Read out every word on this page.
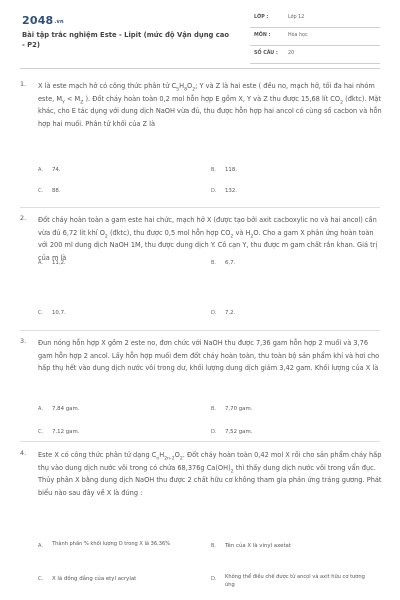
2048.vn
Bài tập trắc nghiệm Este - Lipit (mức độ Vận dụng cao - P2)
LỚP :	Lớp 12
MÔN :	Hóa học
SỐ CÂU : 20
1. X là este mạch hở có công thức phân tử $C_5H_8O_2$; Y và Z là hai este ( đều no, mạch hở, tối đa hai nhóm este, $M_Y < M_Z$ ). Đốt cháy hoàn toàn 0,2 mol hỗn hợp E gồm X, Y và Z thu được 15,68 lít $CO_2$ (đktc). Mặt khác, cho E tác dụng với dung dịch NaOH vừa đủ, thu được hỗn hợp hai ancol có cùng số cacbon và hỗn hợp hai muối. Phân tử khối của Z là
A. 74.	B. 118.
C. 88.	D. 132.
2. Đốt cháy hoàn toàn a gam este hai chức, mạch hở X (được tạo bởi axit cacboxylic no và hai ancol) cần vừa đủ 6,72 lít khí $O_2$ (đktc), thu được 0,5 mol hỗn hợp $CO_2$ và $H_2O$. Cho a gam X phản ứng hoàn toàn với 200 ml dung dịch NaOH 1M, thu được dung dịch Y. Cô cạn Y, thu được m gam chất rắn khan. Giá trị của m là
A. 11,2.	B. 6,7.
C. 10,7.	D. 7,2.
3. Đun nóng hỗn hợp X gồm 2 este no, đơn chức với NaOH thu được 7,36 gam hỗn hợp 2 muối và 3,76 gam hỗn hợp 2 ancol. Lấy hỗn hợp muối đem đốt cháy hoàn toàn, thu toàn bộ sản phẩm khí và hơi cho hấp thụ hết vào dung dịch nước vôi trong dư, khối lượng dung dịch giảm 3,42 gam. Khối lượng của X là
A. 7,84 gam.	B. 7,70 gam.
C. 7,12 gam.	D. 7,52 gam.
4. Este X có công thức phân tử dạng $C_nH_{2n-2}O_2$. Đốt cháy hoàn toàn 0,42 mol X rồi cho sản phẩm cháy hấp thụ vào dung dịch nước vôi trong có chứa 68,376g $Ca(OH)_2$ thì thấy dung dịch nước vôi trong vẩn đục. Thủy phân X bằng dung dịch NaOH thu được 2 chất hữu cơ không tham gia phản ứng tráng gương. Phát biểu nào sau đây về X là đúng :
A. Thành phần % khối lượng O trong X là 36,36%	B. Tên của X là vinyl axetat
C. X là đồng đẳng của etyl acrylat	D. Không thể điều chế được từ ancol và axit hữu cơ tương ứng
